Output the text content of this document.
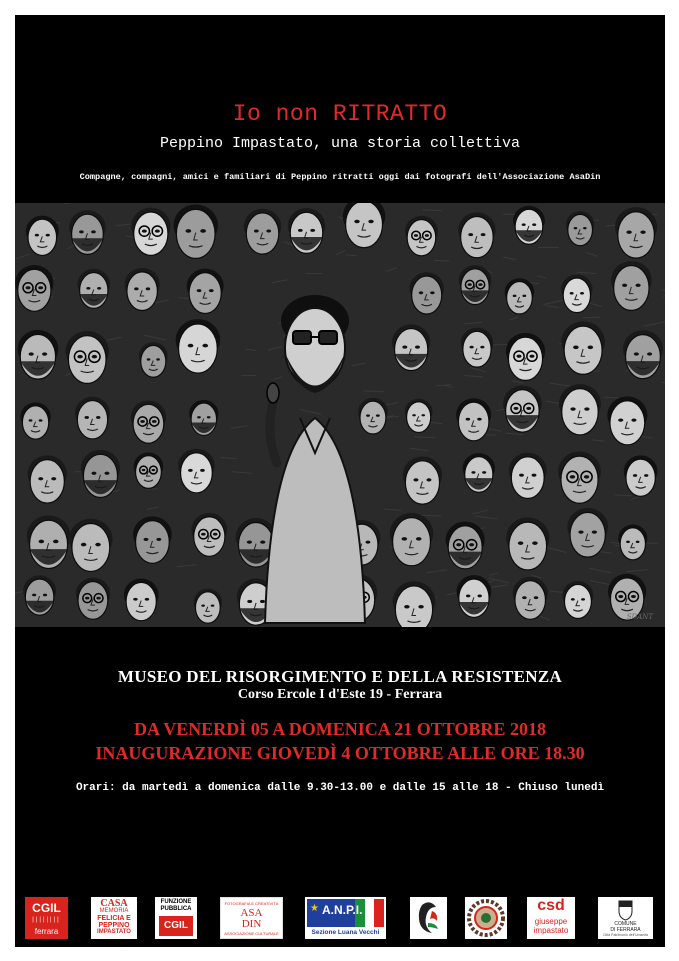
Io non RITRATTO
Peppino Impastato, una storia collettiva
Compagne, compagni, amici e familiari di Peppino ritratti oggi dai fotografi dell'Associazione AsaDin
SDANT
MUSEO DEL RISORGIMENTO E DELLA RESISTENZA
Corso Ercole I d'Este 19 - Ferrara
DA VENERDÌ 05 A DOMENICA 21 OTTOBRE 2018
INAUGURAZIONE GIOVEDÌ 4 OTTOBRE ALLE ORE 18.30
Orari: da martedì a domenica dalle 9.30-13.00 e dalle 15 alle 18 - Chiuso lunedì
CGIL
||||||||
ferrara
CASA
MEMORIA
FELICIA E
PEPPINO
IMPASTATO
FUNZIONE
PUBBLICA
CGIL
FOTOGRAFIA E CREATIVITÀ
ASA
DIN
ASSOCIAZIONE CULTURALE
★ A.N.P.I.
Sezione Luana Vecchi
csd
giuseppe
impastato
COMUNE
DI FERRARA
Città Patrimonio dell'Umanità
